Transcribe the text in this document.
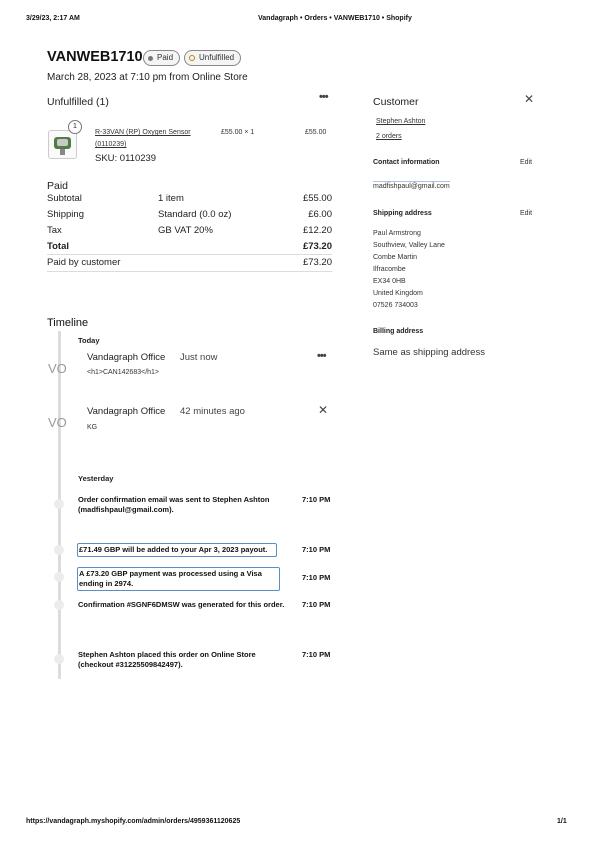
3/29/23, 2:17 AM	Vandagraph • Orders • VANWEB1710 • Shopify
https://vandagraph.myshopify.com/admin/orders/4959361120625	1/1
VANWEB1710 Paid	Unfulfilled
March 28, 2023 at 7:10 pm from Online Store
Unfulfilled (1)	•••
1
R-33VAN (RP) Oxygen Sensor
(0110239)
£55.00 × 1	£55.00
SKU: 0110239
Paid
Subtotal	1 item	£55.00
Shipping	Standard (0.0 oz)	£6.00
Tax	GB VAT 20%	£12.20
Total	£73.20
Paid by customer	£73.20
Timeline
Today
VO
Vandagraph Office Just now
<h1>CAN142683</h1>
•••
VO
Vandagraph Office 42 minutes ago
KG
✕
Yesterday
Order confirmation email was sent to Stephen Ashton (madfishpaul@gmail.com).
7:10 PM
£71.49 GBP will be added to your Apr 3, 2023 payout.	7:10 PM
A £73.20 GBP payment was processed using a Visa ending in 2974.
7:10 PM
Confirmation #SGNF6DMSW was generated for this order.	7:10 PM
Stephen Ashton placed this order on Online Store (checkout #31225509842497).
7:10 PM
Customer	✕
Stephen Ashton
2 orders
Contact information	Edit
madfishpaul@gmail.com
Shipping address	Edit
Paul Armstrong
Southview, Valley Lane
Combe Martin
Ilfracombe
EX34 0HB
United Kingdom
07526 734003
Billing address
Same as shipping address
